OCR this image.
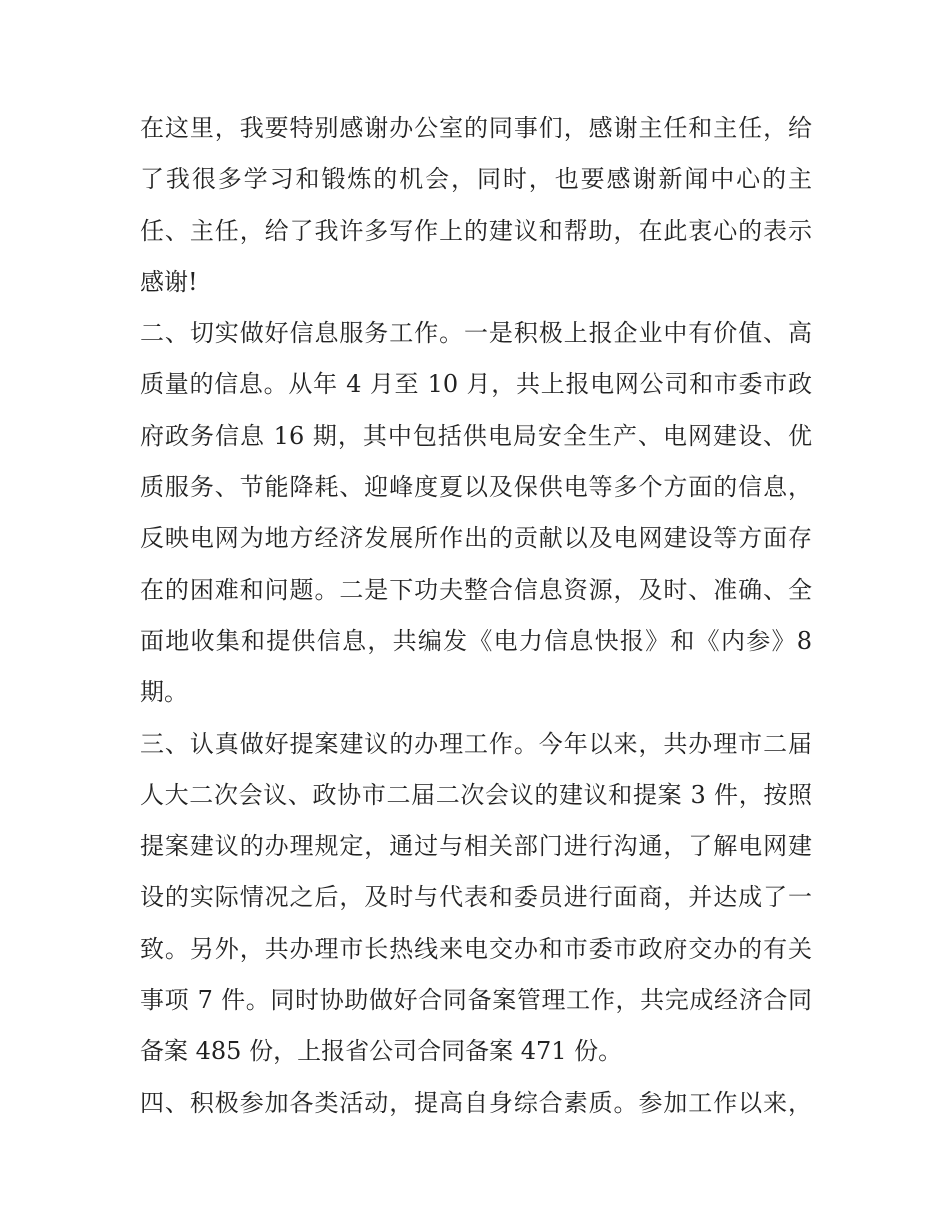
在这里，我要特别感谢办公室的同事们，感谢主任和主任，给
了我很多学习和锻炼的机会，同时，也要感谢新闻中心的主
任、主任，给了我许多写作上的建议和帮助，在此衷心的表示
感谢!
二、切实做好信息服务工作。一是积极上报企业中有价值、高
质量的信息。从年 4 月至 10 月，共上报电网公司和市委市政
府政务信息 16 期，其中包括供电局安全生产、电网建设、优
质服务、节能降耗、迎峰度夏以及保供电等多个方面的信息，
反映电网为地方经济发展所作出的贡献以及电网建设等方面存
在的困难和问题。二是下功夫整合信息资源，及时、准确、全
面地收集和提供信息，共编发《电力信息快报》和《内参》8
期。
三、认真做好提案建议的办理工作。今年以来，共办理市二届
人大二次会议、政协市二届二次会议的建议和提案 3 件，按照
提案建议的办理规定，通过与相关部门进行沟通，了解电网建
设的实际情况之后，及时与代表和委员进行面商，并达成了一
致。另外，共办理市长热线来电交办和市委市政府交办的有关
事项 7 件。同时协助做好合同备案管理工作，共完成经济合同
备案 485 份，上报省公司合同备案 471 份。
四、积极参加各类活动，提高自身综合素质。参加工作以来，
